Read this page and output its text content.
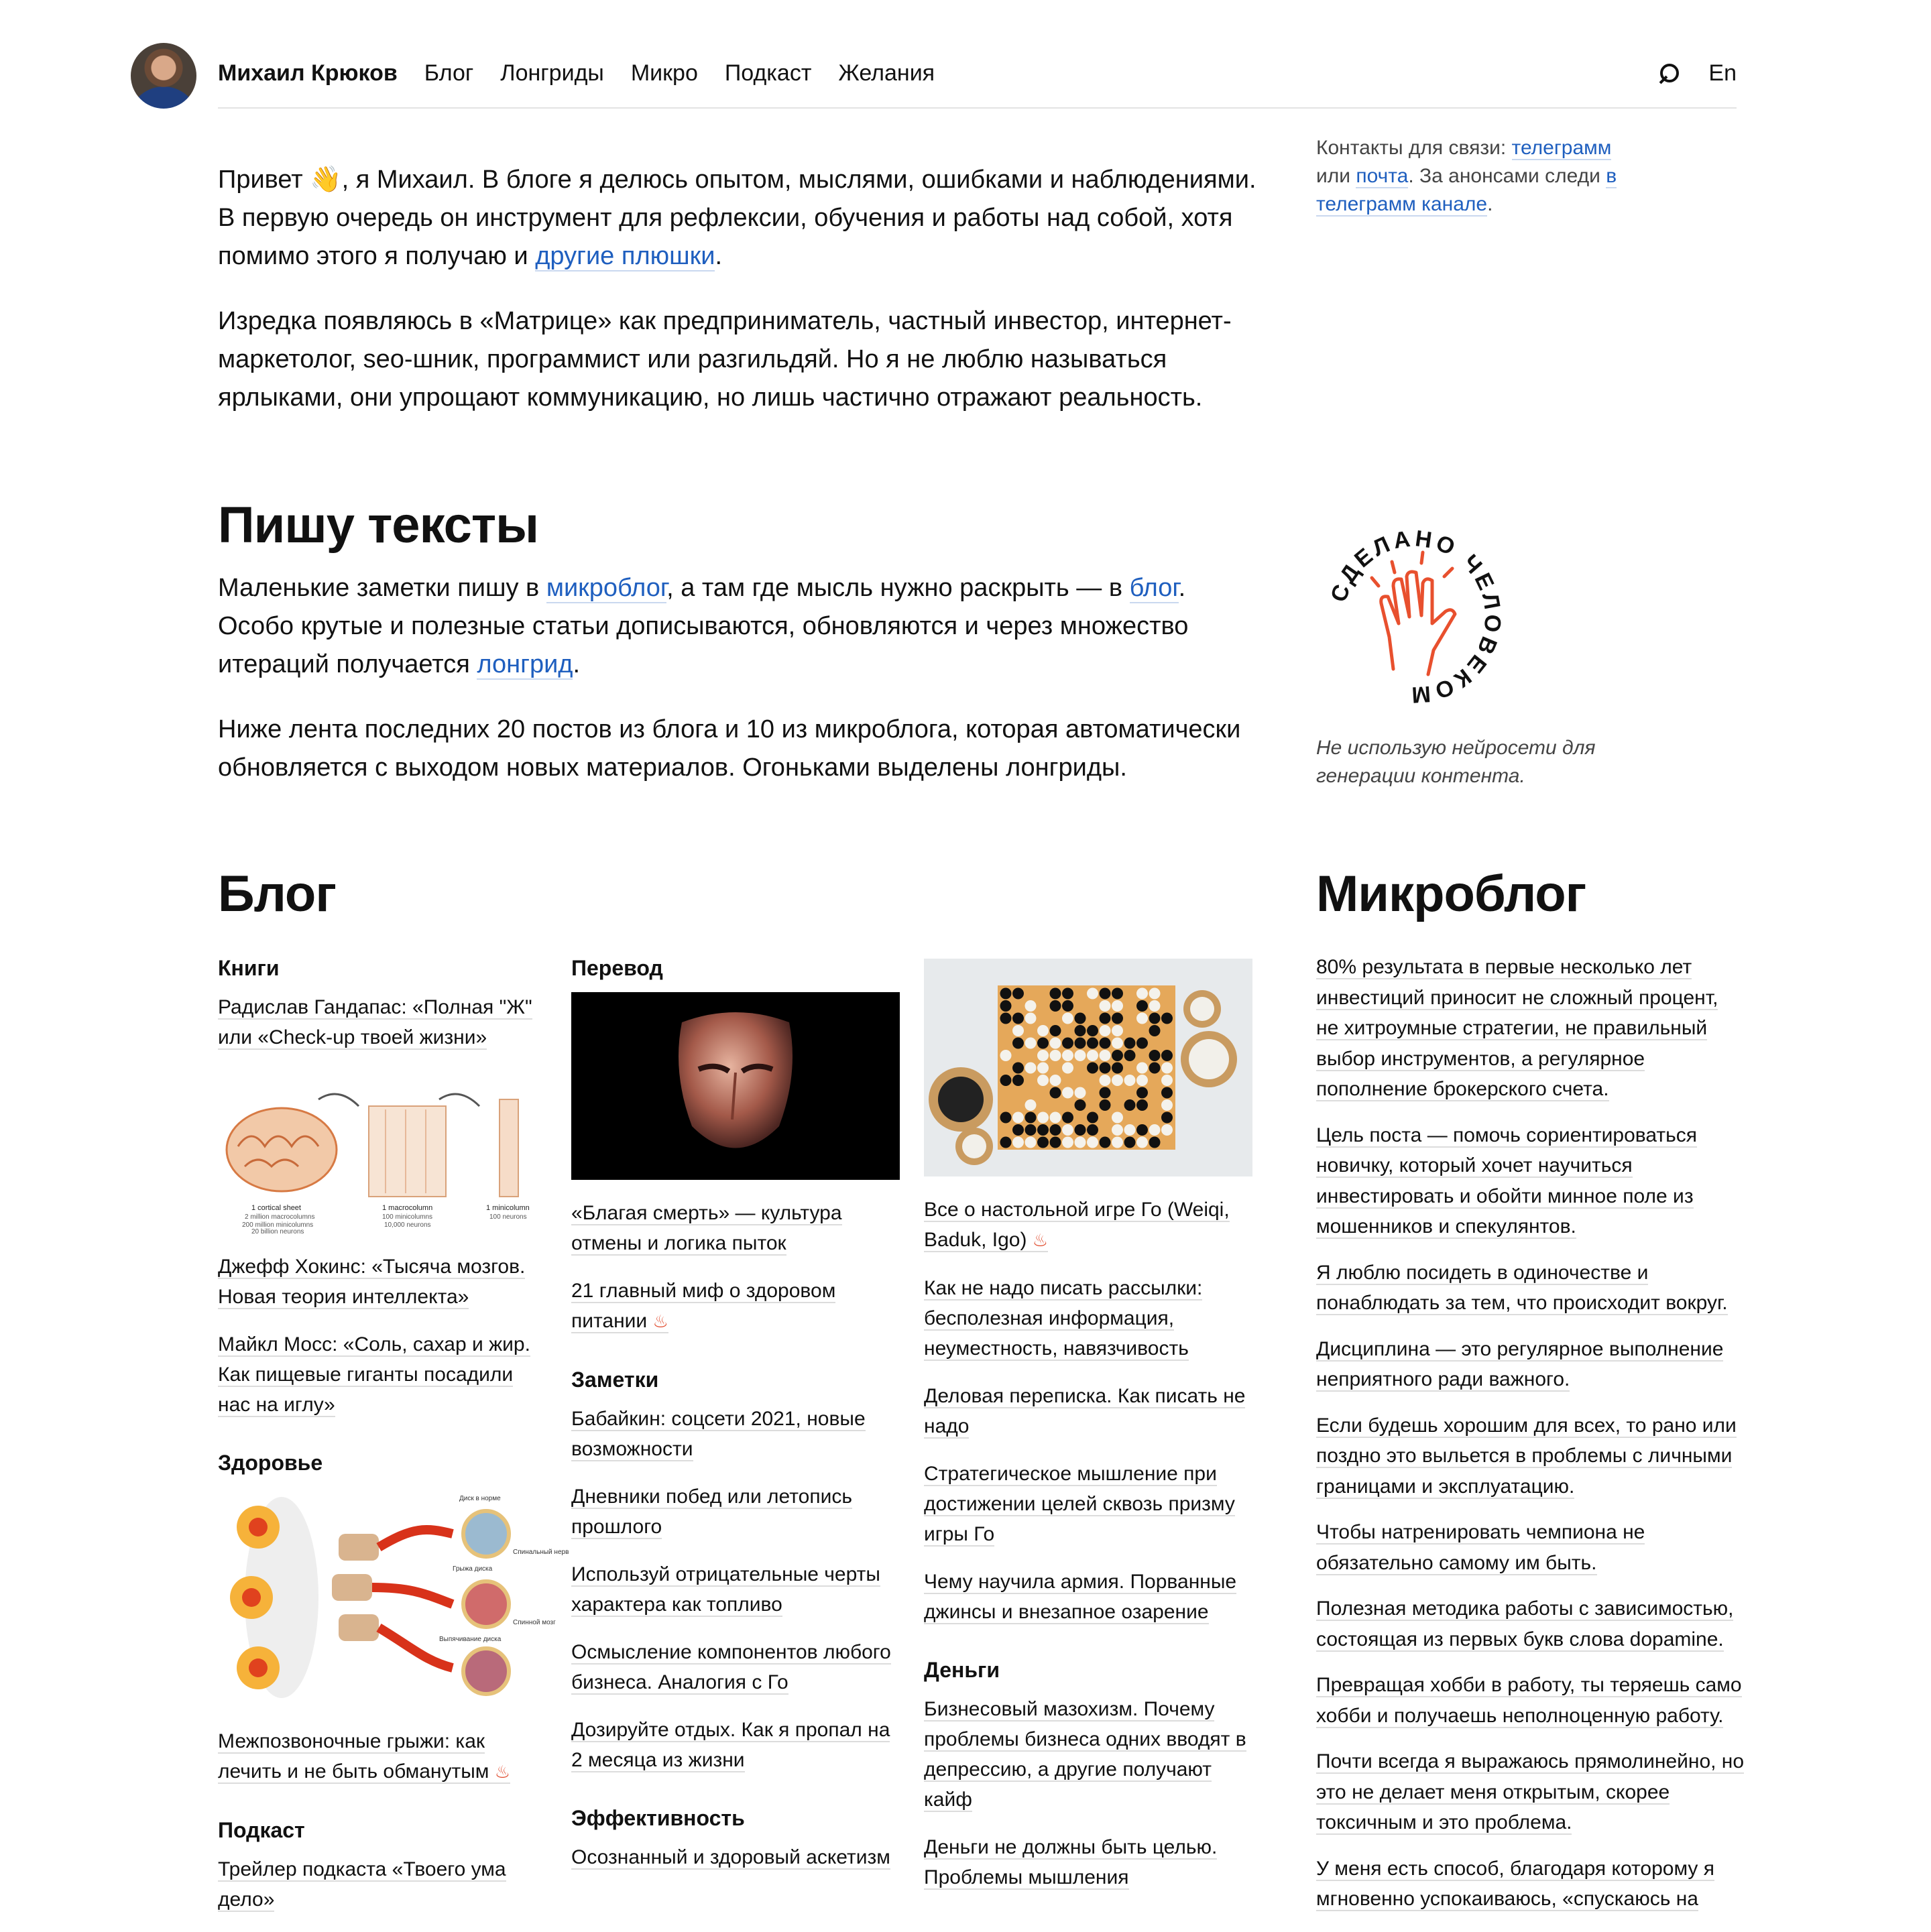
Михаил Крюков Блог Лонгриды Микро Подкаст Желания	En

Привет 👋, я Михаил. В блоге я делюсь опытом, мыслями, ошибками и наблюдениями. В первую очередь он инструмент для рефлексии, обучения и работы над собой, хотя помимо этого я получаю и другие плюшки.

Изредка появляюсь в «Матрице» как предприниматель, частный инвестор, интернет-маркетолог, seo-шник, программист или разгильдяй. Но я не люблю называться ярлыками, они упрощают коммуникацию, но лишь частично отражают реальность.

Контакты для связи: телеграмм или почта. За анонсами следи в телеграмм канале.
Пишу тексты

Маленькие заметки пишу в микроблог, а там где мысль нужно раскрыть — в блог. Особо крутые и полезные статьи дописываются, обновляются и через множество итераций получается лонгрид.

Ниже лента последних 20 постов из блога и 10 из микроблога, которая автоматически обновляется с выходом новых материалов. Огоньками выделены лонгриды.

СДЕЛАНО ЧЕЛОВЕКОМ
Не использую нейросети для генерации контента.
Блог	Микроблог
Книги
Радислав Гандапас: «Полная "Ж" или «Check-up твоей жизни»
1 cortical sheet
2 million macrocolumns
200 million minicolumns
20 billion neurons
1 macrocolumn
100 minicolumns
10,000 neurons
1 minicolumn
100 neurons
Джефф Хокинс: «Тысяча мозгов. Новая теория интеллекта»
Майкл Мосс: «Соль, сахар и жир. Как пищевые гиганты посадили нас на иглу»
Здоровье
Диск в норме
Спинальный нерв
Грыжа диска
Спинной мозг
Выпячивание диска
Межпозвоночные грыжи: как лечить и не быть обманутым ♨
Подкаст
Трейлер подкаста «Твоего ума дело»
Перевод
«Благая смерть» — культура отмены и логика пыток
21 главный миф о здоровом питании ♨
Заметки
Бабайкин: соцсети 2021, новые возможности
Дневники побед или летопись прошлого
Используй отрицательные черты характера как топливо
Осмысление компонентов любого бизнеса. Аналогия с Го
Дозируйте отдых. Как я пропал на 2 месяца из жизни
Эффективность
Осознанный и здоровый аскетизм
Все о настольной игре Го (Weiqi, Baduk, Igo) ♨
Как не надо писать рассылки: бесполезная информация, неуместность, навязчивость
Деловая переписка. Как писать не надо
Стратегическое мышление при достижении целей сквозь призму игры Го
Чему научила армия. Порванные джинсы и внезапное озарение
Деньги
Бизнесовый мазохизм. Почему проблемы бизнеса одних вводят в депрессию, а другие получают кайф
Деньги не должны быть целью. Проблемы мышления
80% результата в первые несколько лет инвестиций приносит не сложный процент, не хитроумные стратегии, не правильный выбор инструментов, а регулярное пополнение брокерского счета.
Цель поста — помочь сориентироваться новичку, который хочет научиться инвестировать и обойти минное поле из мошенников и спекулянтов.
Я люблю посидеть в одиночестве и понаблюдать за тем, что происходит вокруг.
Дисциплина — это регулярное выполнение неприятного ради важного.
Если будешь хорошим для всех, то рано или поздно это выльется в проблемы с личными границами и эксплуатацию.
Чтобы натренировать чемпиона не обязательно самому им быть.
Полезная методика работы с зависимостью, состоящая из первых букв слова dopamine.
Превращая хобби в работу, ты теряешь само хобби и получаешь неполноценную работу.
Почти всегда я выражаюсь прямолинейно, но это не делает меня открытым, скорее токсичным и это проблема.
У меня есть способ, благодаря которому я мгновенно успокаиваюсь, «спускаюсь на
